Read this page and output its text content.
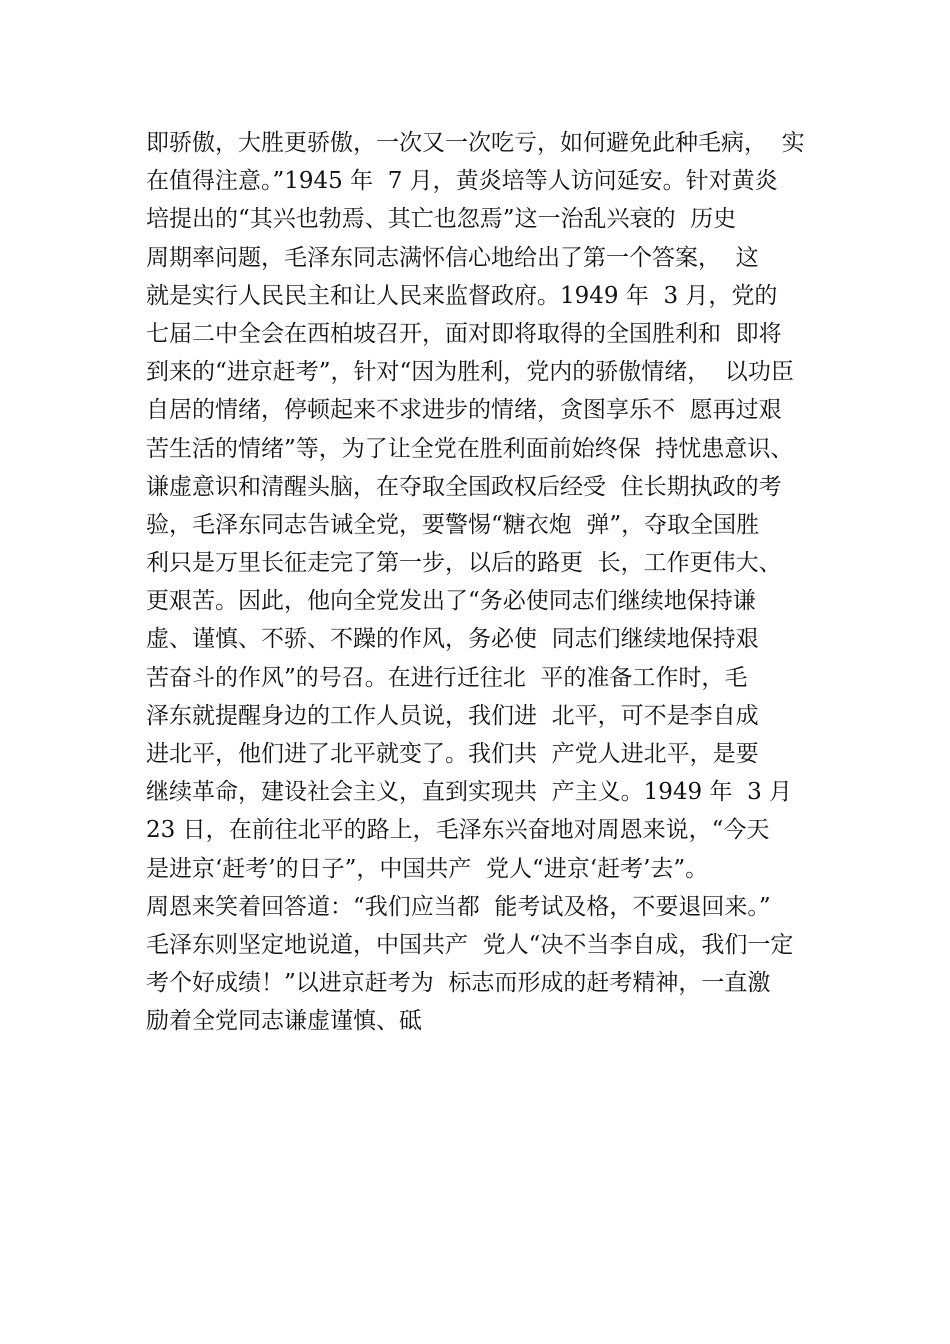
即骄傲，大胜更骄傲，一次又一次吃亏，如何避免此种毛病，  实
在值得注意。”1945 年  7 月，黄炎培等人访问延安。针对黄炎
培提出的“其兴也勃焉、其亡也忽焉”这一治乱兴衰的  历史
周期率问题，毛泽东同志满怀信心地给出了第一个答案，  这
就是实行人民民主和让人民来监督政府。1949 年  3 月，党的
七届二中全会在西柏坡召开，面对即将取得的全国胜利和  即将
到来的“进京赶考”，针对“因为胜利，党内的骄傲情绪，  以功臣
自居的情绪，停顿起来不求进步的情绪，贪图享乐不  愿再过艰
苦生活的情绪”等，为了让全党在胜利面前始终保  持忧患意识、
谦虚意识和清醒头脑，在夺取全国政权后经受  住长期执政的考
验，毛泽东同志告诫全党，要警惕“糖衣炮  弹”，夺取全国胜
利只是万里长征走完了第一步，以后的路更  长，工作更伟大、
更艰苦。因此，他向全党发出了“务必使同志们继续地保持谦
虚、谨慎、不骄、不躁的作风，务必使  同志们继续地保持艰
苦奋斗的作风”的号召。在进行迁往北  平的准备工作时，毛
泽东就提醒身边的工作人员说，我们进  北平，可不是李自成
进北平，他们进了北平就变了。我们共  产党人进北平，是要
继续革命，建设社会主义，直到实现共  产主义。1949 年  3 月
23 日，在前往北平的路上，毛泽东兴奋地对周恩来说，“今天
是进京‘赶考’的日子”，中国共产  党人“进京‘赶考’去”。
周恩来笑着回答道：“我们应当都  能考试及格，不要退回来。”
毛泽东则坚定地说道，中国共产  党人“决不当李自成，我们一定
考个好成绩！”以进京赶考为  标志而形成的赶考精神，一直激
励着全党同志谦虚谨慎、砥
